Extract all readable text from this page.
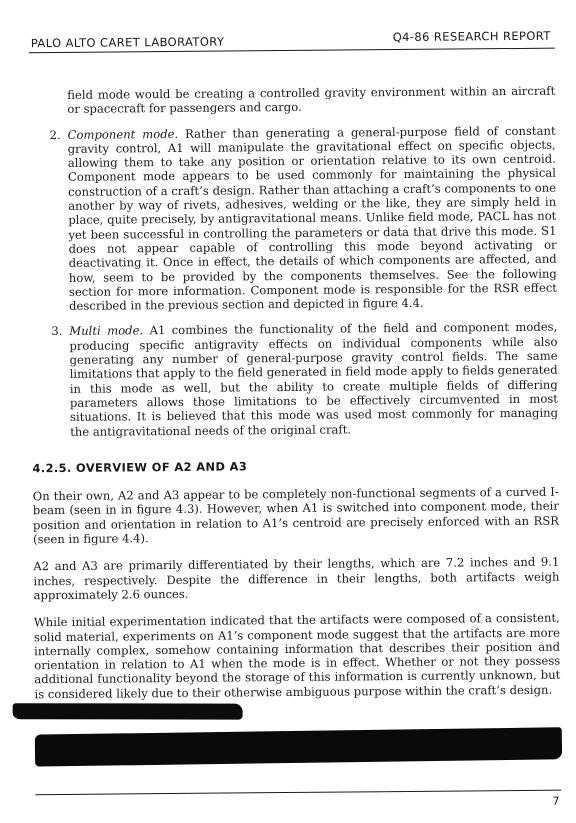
PALO ALTO CARET LABORATORY	Q4-86 RESEARCH REPORT

field mode would be creating a controlled gravity environment within an aircraft or spacecraft for passengers and cargo.

2. Component mode. Rather than generating a general-purpose field of constant gravity control, A1 will manipulate the gravitational effect on specific objects, allowing them to take any position or orientation relative to its own centroid. Component mode appears to be used commonly for maintaining the physical construction of a craft’s design. Rather than attaching a craft’s components to one another by way of rivets, adhesives, welding or the like, they are simply held in place, quite precisely, by antigravitational means. Unlike field mode, PACL has not yet been successful in controlling the parameters or data that drive this mode. S1 does not appear capable of controlling this mode beyond activating or deactivating it. Once in effect, the details of which components are affected, and how, seem to be provided by the components themselves. See the following section for more information. Component mode is responsible for the RSR effect described in the previous section and depicted in figure 4.4.
3. Multi mode. A1 combines the functionality of the field and component modes, producing specific antigravity effects on individual components while also generating any number of general-purpose gravity control fields. The same limitations that apply to the field generated in field mode apply to fields generated in this mode as well, but the ability to create multiple fields of differing parameters allows those limitations to be effectively circumvented in most situations. It is believed that this mode was used most commonly for managing the antigravitational needs of the original craft.
4.2.5. OVERVIEW OF A2 AND A3

On their own, A2 and A3 appear to be completely non-functional segments of a curved I-beam (seen in in figure 4.3). However, when A1 is switched into component mode, their position and orientation in relation to A1’s centroid are precisely enforced with an RSR (seen in figure 4.4).

A2 and A3 are primarily differentiated by their lengths, which are 7.2 inches and 9.1 inches, respectively. Despite the difference in their lengths, both artifacts weigh approximately 2.6 ounces.

While initial experimentation indicated that the artifacts were composed of a consistent, solid material, experiments on A1’s component mode suggest that the artifacts are more internally complex, somehow containing information that describes their position and orientation in relation to A1 when the mode is in effect. Whether or not they possess additional functionality beyond the storage of this information is currently unknown, but is considered likely due to their otherwise ambiguous purpose within the craft’s design.

7
